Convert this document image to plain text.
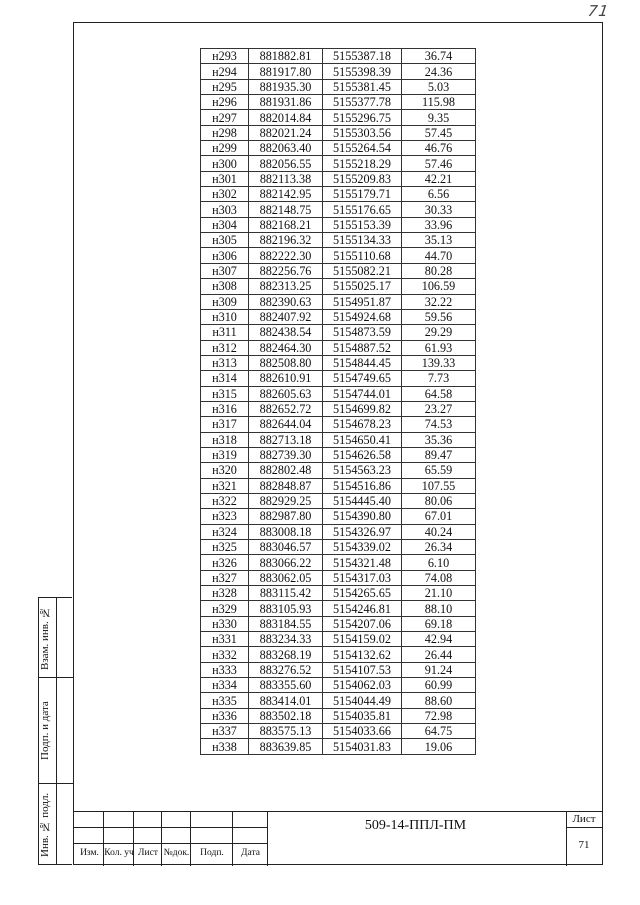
71
н293	881882.81	5155387.18	36.74
н294	881917.80	5155398.39	24.36
н295	881935.30	5155381.45	5.03
н296	881931.86	5155377.78	115.98
н297	882014.84	5155296.75	9.35
н298	882021.24	5155303.56	57.45
н299	882063.40	5155264.54	46.76
н300	882056.55	5155218.29	57.46
н301	882113.38	5155209.83	42.21
н302	882142.95	5155179.71	6.56
н303	882148.75	5155176.65	30.33
н304	882168.21	5155153.39	33.96
н305	882196.32	5155134.33	35.13
н306	882222.30	5155110.68	44.70
н307	882256.76	5155082.21	80.28
н308	882313.25	5155025.17	106.59
н309	882390.63	5154951.87	32.22
н310	882407.92	5154924.68	59.56
н311	882438.54	5154873.59	29.29
н312	882464.30	5154887.52	61.93
н313	882508.80	5154844.45	139.33
н314	882610.91	5154749.65	7.73
н315	882605.63	5154744.01	64.58
н316	882652.72	5154699.82	23.27
н317	882644.04	5154678.23	74.53
н318	882713.18	5154650.41	35.36
н319	882739.30	5154626.58	89.47
н320	882802.48	5154563.23	65.59
н321	882848.87	5154516.86	107.55
н322	882929.25	5154445.40	80.06
н323	882987.80	5154390.80	67.01
н324	883008.18	5154326.97	40.24
н325	883046.57	5154339.02	26.34
н326	883066.22	5154321.48	6.10
н327	883062.05	5154317.03	74.08
н328	883115.42	5154265.65	21.10
н329	883105.93	5154246.81	88.10
н330	883184.55	5154207.06	69.18
н331	883234.33	5154159.02	42.94
н332	883268.19	5154132.62	26.44
н333	883276.52	5154107.53	91.24
н334	883355.60	5154062.03	60.99
н335	883414.01	5154044.49	88.60
н336	883502.18	5154035.81	72.98
н337	883575.13	5154033.66	64.75
н338	883639.85	5154031.83	19.06
Взам. инв. №
Подп. и дата
Инв. № подл.	Изм. Кол. уч Лист №док.	Подп.	Дата
509-14-ППЛ-ПМ	Лист
71
